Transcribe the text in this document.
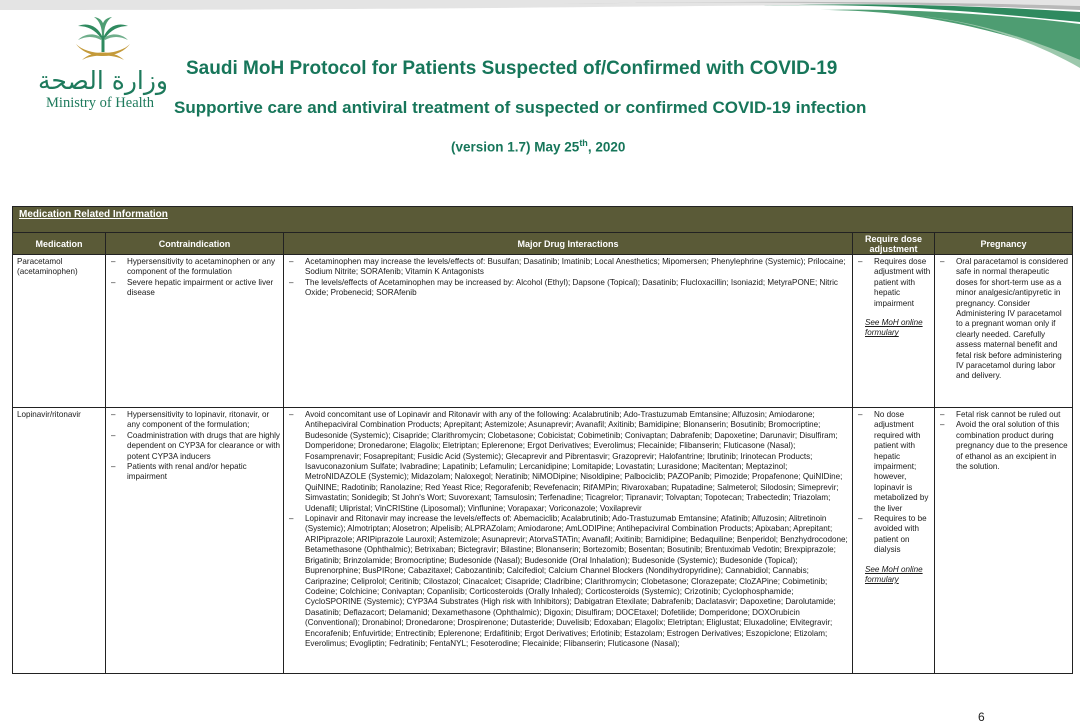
وزارة الصحة
Ministry of Health
Saudi MoH Protocol for Patients Suspected of/Confirmed with COVID-19
Supportive care and antiviral treatment of suspected or confirmed COVID-19 infection
(version 1.7) May 25th, 2020
Medication Related Information
Medication	Contraindication	Major Drug Interactions	Require dose adjustment	Pregnancy
Paracetamol (acetaminophen)
– Hypersensitivity to acetaminophen or any component of the formulation
– Severe hepatic impairment or active liver disease
– Acetaminophen may increase the levels/effects of: Busulfan; Dasatinib; Imatinib; Local Anesthetics; Mipomersen; Phenylephrine (Systemic); Prilocaine; Sodium Nitrite; SORAfenib; Vitamin K Antagonists
– The levels/effects of Acetaminophen may be increased by: Alcohol (Ethyl); Dapsone (Topical); Dasatinib; Flucloxacillin; Isoniazid; MetyraPONE; Nitric Oxide; Probenecid; SORAfenib
– Requires dose adjustment with patient with hepatic impairment
See MoH online formulary
– Oral paracetamol is considered safe in normal therapeutic doses for short-term use as a minor analgesic/antipyretic in pregnancy. Consider Administering IV paracetamol to a pregnant woman only if clearly needed. Carefully assess maternal benefit and fetal risk before administering IV paracetamol during labor and delivery.
Lopinavir/ritonavir
–	Hypersensitivity to lopinavir, ritonavir, or any component of the formulation;
– Coadministration with drugs that are highly dependent on CYP3A for clearance or with potent CYP3A inducers
– Patients with renal and/or hepatic impairment
– Avoid concomitant use of Lopinavir and Ritonavir with any of the following: Acalabrutinib; Ado-Trastuzumab Emtansine; Alfuzosin; Amiodarone; Antihepaciviral Combination Products; Aprepitant; Astemizole; Asunaprevir; Avanafil; Axitinib; Bamidipine; Blonanserin; Bosutinib; Bromocriptine; Budesonide (Systemic); Cisapride; Clarithromycin; Clobetasone; Cobicistat; Cobimetinib; Conivaptan; Dabrafenib; Dapoxetine; Darunavir; Disulfiram; Domperidone; Dronedarone; Elagolix; Eletriptan; Eplerenone; Ergot Derivatives; Everolimus; Flecainide; Flibanserin; Fluticasone (Nasal); Fosamprenavir; Fosaprepitant; Fusidic Acid (Systemic); Glecaprevir and Pibrentasvir; Grazoprevir; Halofantrine; Ibrutinib; Irinotecan Products; Isavuconazonium Sulfate; Ivabradine; Lapatinib; Lefamulin; Lercanidipine; Lomitapide; Lovastatin; Lurasidone; Macitentan; Meptazinol; MetroNIDAZOLE (Systemic); Midazolam; Naloxegol; Neratinib; NiMODipine; Nisoldipine; Palbociclib; PAZOPanib; Pimozide; Propafenone; QuiNIDine; QuiNINE; Radotinib; Ranolazine; Red Yeast Rice; Regorafenib; Revefenacin; RifAMPin; Rivaroxaban; Rupatadine; Salmeterol; Silodosin; Simeprevir; Simvastatin; Sonidegib; St John's Wort; Suvorexant; Tamsulosin; Terfenadine; Ticagrelor; Tipranavir; Tolvaptan; Topotecan; Trabectedin; Triazolam; Udenafil; Ulipristal; VinCRIStine (Liposomal); Vinflunine; Vorapaxar; Voriconazole; Voxilaprevir
– Lopinavir and Ritonavir may increase the levels/effects of: Abemaciclib; Acalabrutinib; Ado-Trastuzumab Emtansine; Afatinib; Alfuzosin; Alitretinoin (Systemic); Almotriptan; Alosetron; Alpelisib; ALPRAZolam; Amiodarone; AmLODIPine; Antihepaciviral Combination Products; Apixaban; Aprepitant; ARIPiprazole; ARIPiprazole Lauroxil; Astemizole; Asunaprevir; AtorvaSTATin; Avanafil; Axitinib; Barnidipine; Bedaquiline; Benperidol; Benzhydrocodone; Betamethasone (Ophthalmic); Betrixaban; Bictegravir; Bilastine; Blonanserin; Bortezomib; Bosentan; Bosutinib; Brentuximab Vedotin; Brexpiprazole; Brigatinib; Brinzolamide; Bromocriptine; Budesonide (Nasal); Budesonide (Oral Inhalation); Budesonide (Systemic); Budesonide (Topical); Buprenorphine; BusPIRone; Cabazitaxel; Cabozantinib; Calcifediol; Calcium Channel Blockers (Nondihydropyridine); Cannabidiol; Cannabis; Cariprazine; Celiprolol; Ceritinib; Cilostazol; Cinacalcet; Cisapride; Cladribine; Clarithromycin; Clobetasone; Clorazepate; CloZAPine; Cobimetinib; Codeine; Colchicine; Conivaptan; Copanlisib; Corticosteroids (Orally Inhaled); Corticosteroids (Systemic); Crizotinib; Cyclophosphamide; CycloSPORINE (Systemic); CYP3A4 Substrates (High risk with Inhibitors); Dabigatran Etexilate; Dabrafenib; Daclatasvir; Dapoxetine; Darolutamide; Dasatinib; Deflazacort; Delamanid; Dexamethasone (Ophthalmic); Digoxin; Disulfiram; DOCEtaxel; Dofetilide; Domperidone; DOXOrubicin (Conventional); Dronabinol; Dronedarone; Drospirenone; Dutasteride; Duvelisib; Edoxaban; Elagolix; Eletriptan; Eliglustat; Eluxadoline; Elvitegravir; Encorafenib; Enfuvirtide; Entrectinib; Eplerenone; Erdafitinib; Ergot Derivatives; Erlotinib; Estazolam; Estrogen Derivatives; Eszopiclone; Etizolam; Everolimus; Evogliptin; Fedratinib; FentaNYL; Fesoterodine; Flecainide; Flibanserin; Fluticasone (Nasal);
– No dose adjustment required with patient with hepatic impairment; however, lopinavir is metabolized by the liver
– Requires to be avoided with patient on dialysis
See MoH online formulary
– Fetal risk cannot be ruled out
– Avoid the oral solution of this combination product during pregnancy due to the presence of ethanol as an excipient in the solution.
6
